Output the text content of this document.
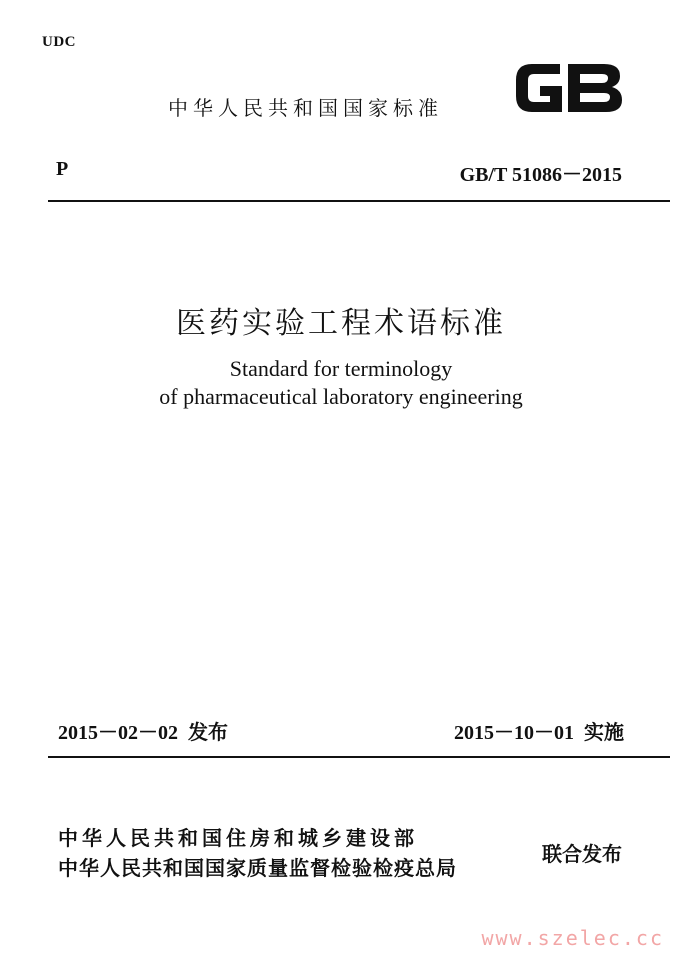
UDC
中华人民共和国国家标准
P	GB/T 51086－2015
医药实验工程术语标准
Standard for terminology
of pharmaceutical laboratory engineering
2015－02－02 发布	2015－10－01 实施
中华人民共和国住房和城乡建设部
中华人民共和国国家质量监督检验检疫总局
联合发布
www.szelec.cc
